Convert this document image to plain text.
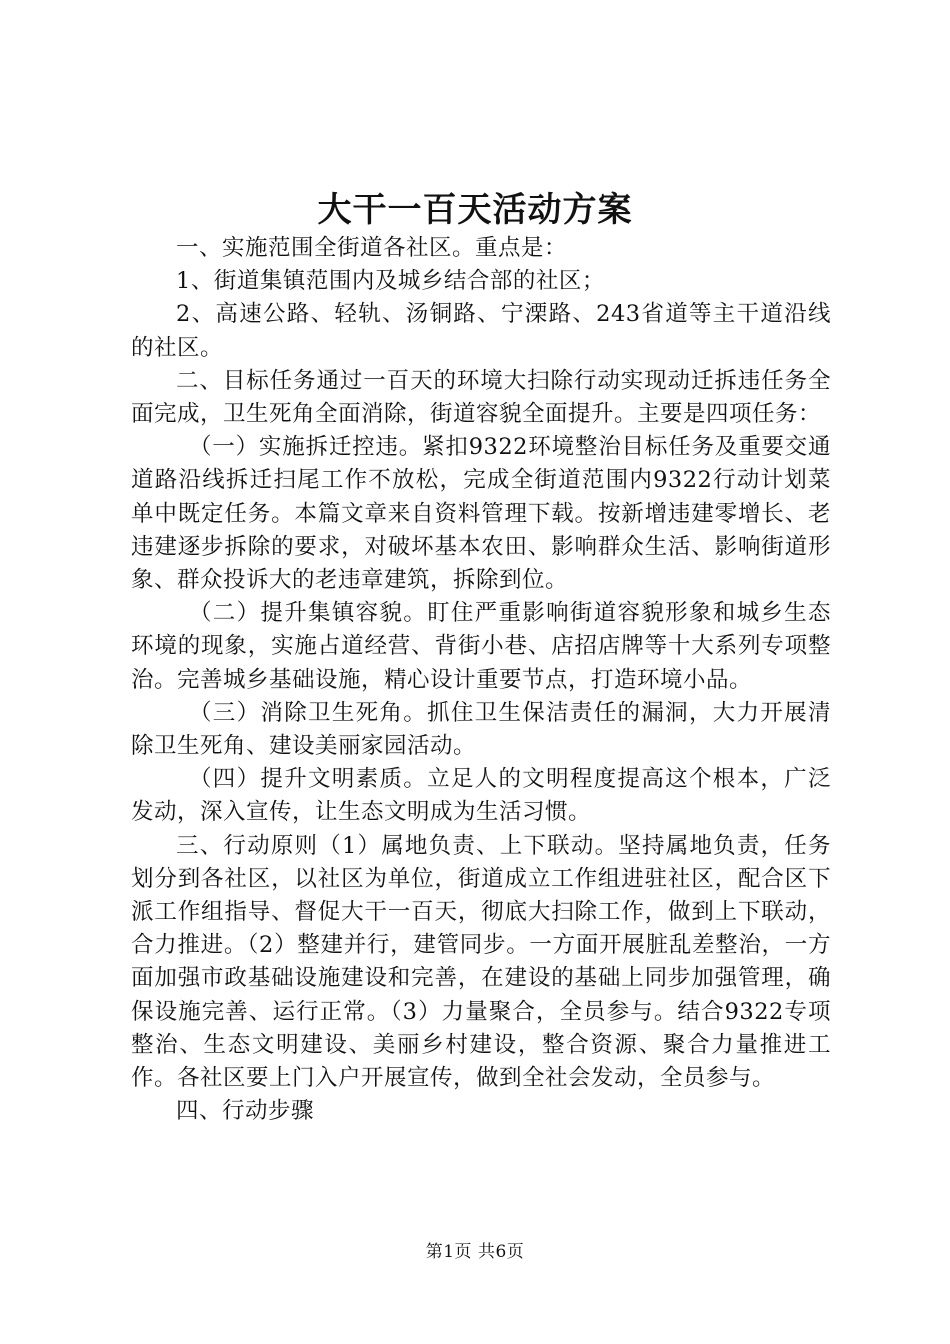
大干一百天活动方案

一、实施范围全街道各社区。重点是：

1、街道集镇范围内及城乡结合部的社区；

2、高速公路、轻轨、汤铜路、宁溧路、243省道等主干道沿线的社区。

二、目标任务通过一百天的环境大扫除行动实现动迁拆违任务全面完成，卫生死角全面消除，街道容貌全面提升。主要是四项任务：

（一）实施拆迁控违。紧扣9322环境整治目标任务及重要交通道路沿线拆迁扫尾工作不放松，完成全街道范围内9322行动计划菜单中既定任务。本篇文章来自资料管理下载。按新增违建零增长、老违建逐步拆除的要求，对破坏基本农田、影响群众生活、影响街道形象、群众投诉大的老违章建筑，拆除到位。

（二）提升集镇容貌。盯住严重影响街道容貌形象和城乡生态环境的现象，实施占道经营、背街小巷、店招店牌等十大系列专项整治。完善城乡基础设施，精心设计重要节点，打造环境小品。

（三）消除卫生死角。抓住卫生保洁责任的漏洞，大力开展清除卫生死角、建设美丽家园活动。

（四）提升文明素质。立足人的文明程度提高这个根本，广泛发动，深入宣传，让生态文明成为生活习惯。

三、行动原则（1）属地负责、上下联动。坚持属地负责，任务划分到各社区，以社区为单位，街道成立工作组进驻社区，配合区下派工作组指导、督促大干一百天，彻底大扫除工作，做到上下联动，合力推进。（2）整建并行，建管同步。一方面开展脏乱差整治，一方面加强市政基础设施建设和完善，在建设的基础上同步加强管理，确保设施完善、运行正常。（3）力量聚合，全员参与。结合9322专项整治、生态文明建设、美丽乡村建设，整合资源、聚合力量推进工作。各社区要上门入户开展宣传，做到全社会发动，全员参与。

四、行动步骤

第1页 共6页
